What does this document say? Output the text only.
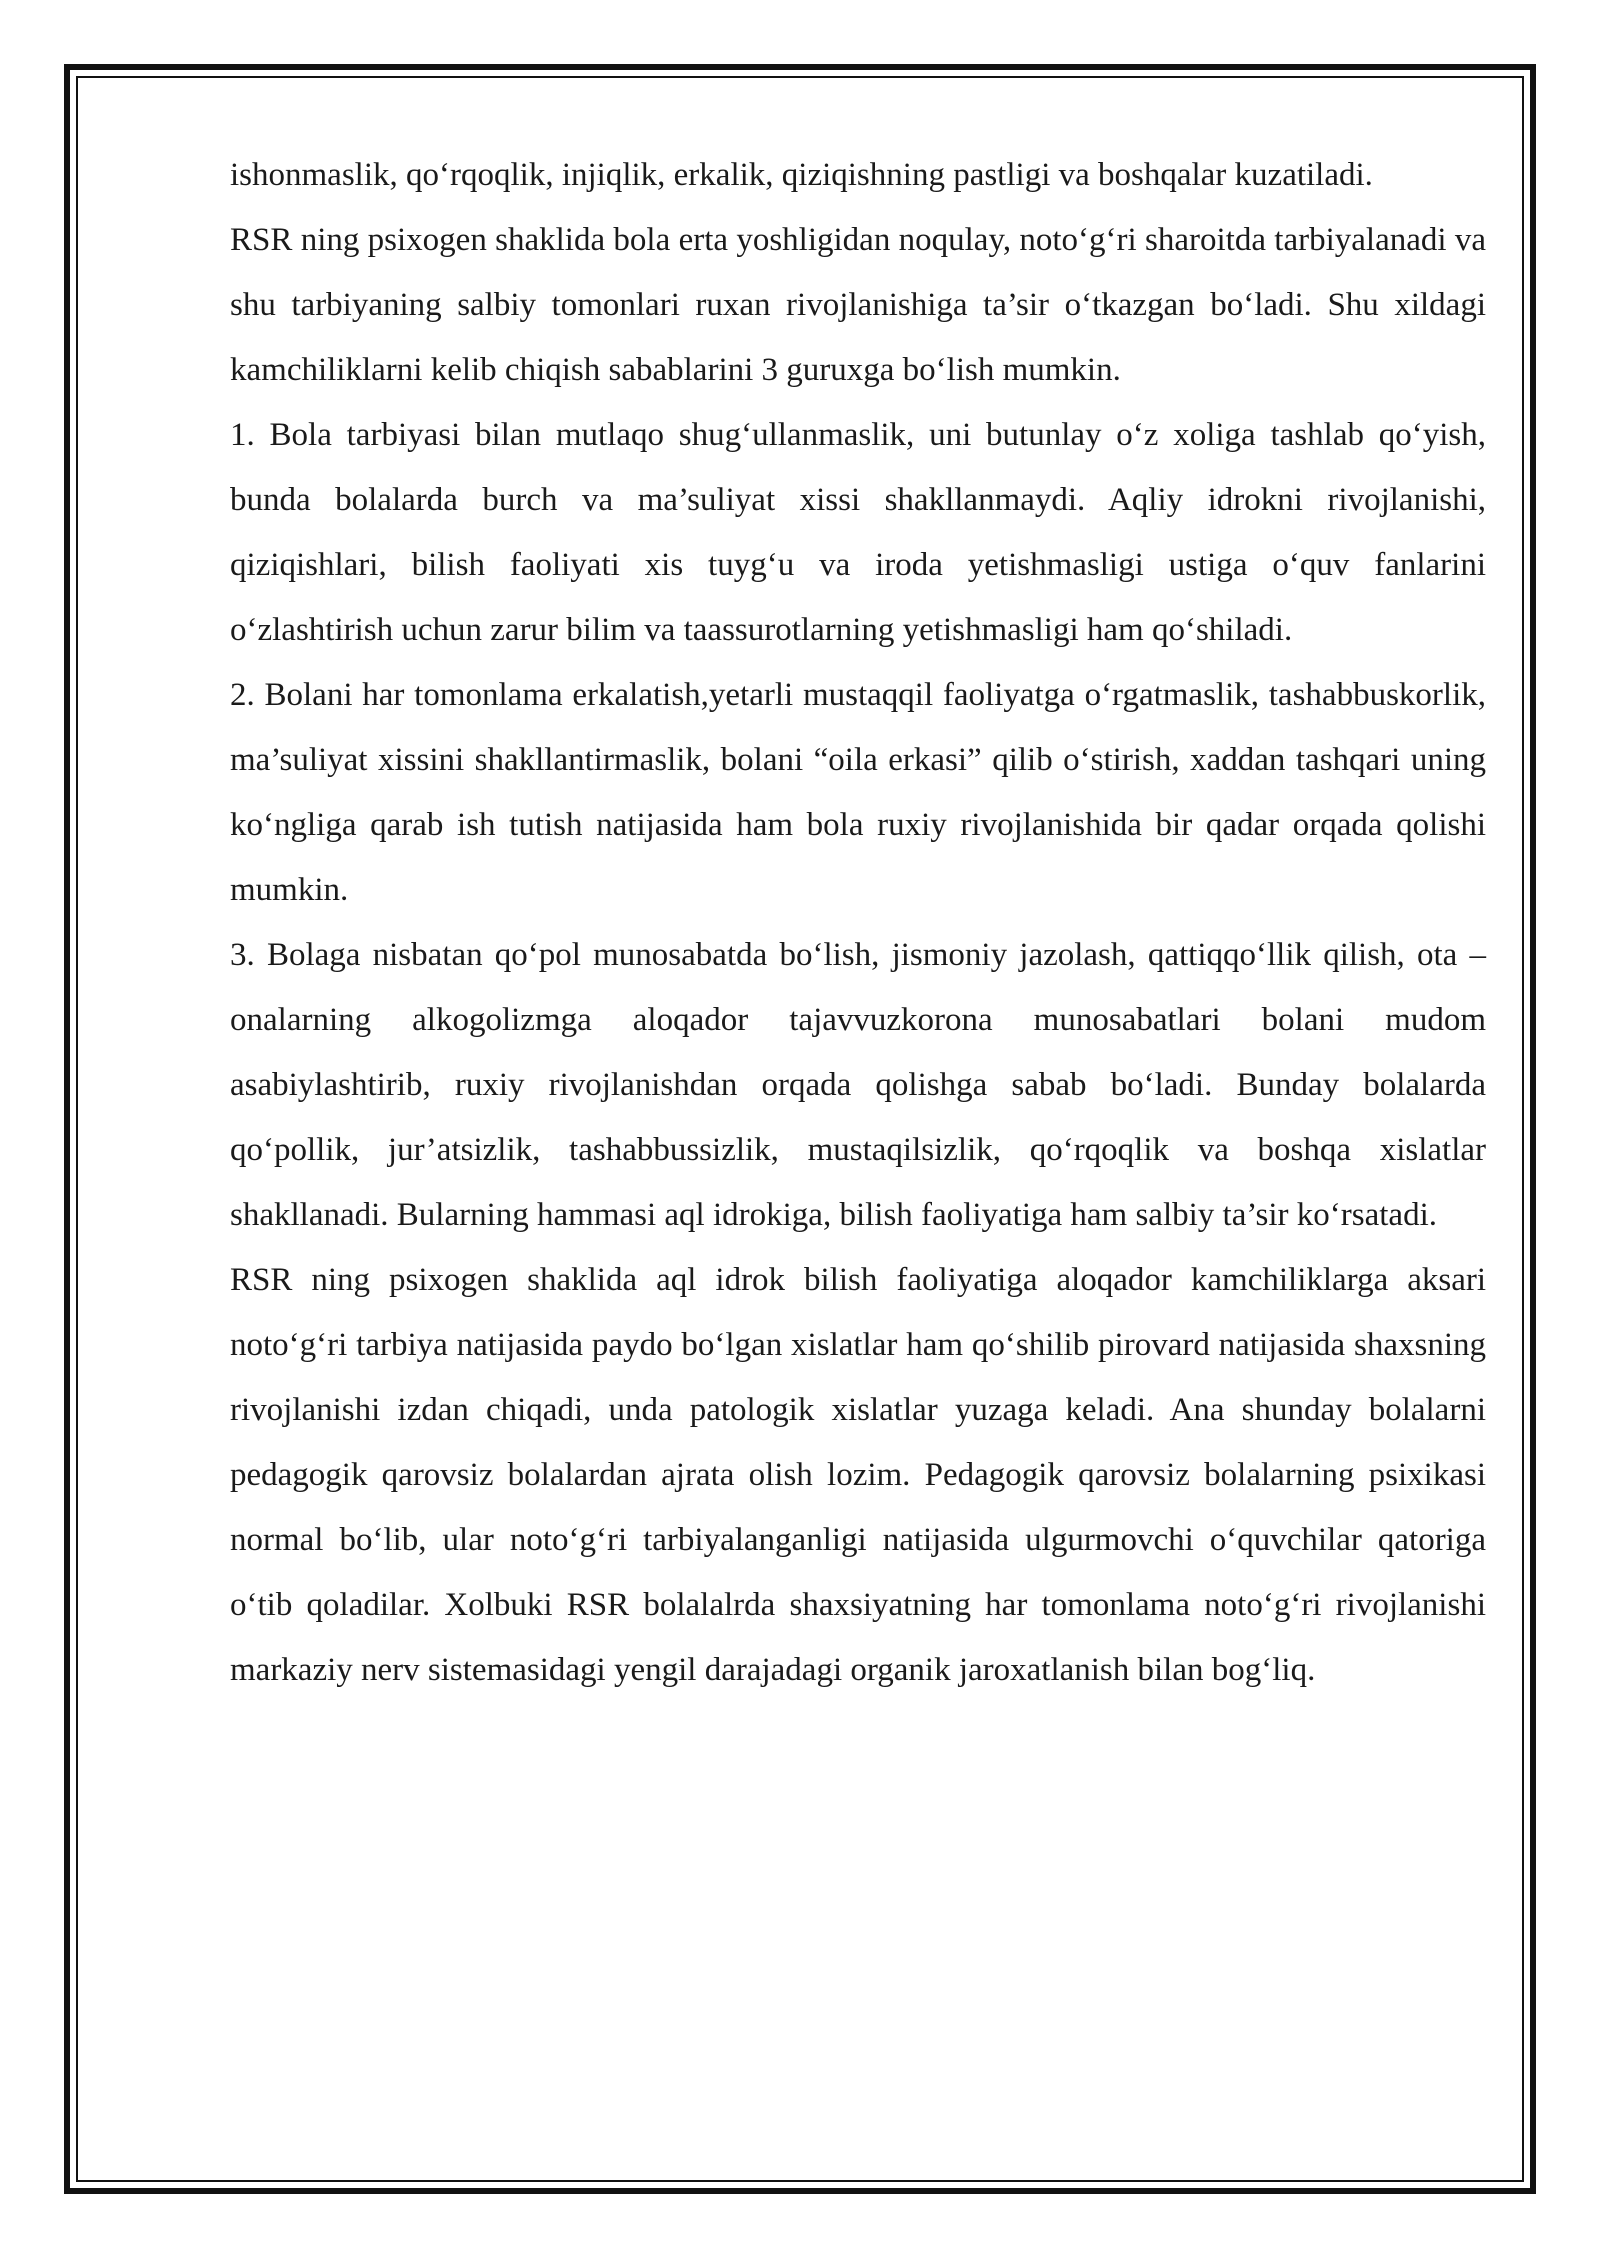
ishonmaslik, qo‘rqoqlik, injiqlik, erkalik, qiziqishning pastligi va boshqalar kuzatiladi.

RSR ning psixogen shaklida bola erta yoshligidan noqulay, noto‘g‘ri sharoitda tarbiyalanadi va shu tarbiyaning salbiy tomonlari ruxan rivojlanishiga ta’sir o‘tkazgan bo‘ladi. Shu xildagi kamchiliklarni kelib chiqish sabablarini 3 guruxga bo‘lish mumkin.

1. Bola tarbiyasi bilan mutlaqo shug‘ullanmaslik, uni butunlay o‘z xoliga tashlab qo‘yish, bunda bolalarda burch va ma’suliyat xissi shakllanmaydi. Aqliy idrokni rivojlanishi, qiziqishlari, bilish faoliyati xis tuyg‘u va iroda yetishmasligi ustiga o‘quv fanlarini o‘zlashtirish uchun zarur bilim va taassurotlarning yetishmasligi ham qo‘shiladi.

2. Bolani har tomonlama erkalatish,yetarli mustaqqil faoliyatga o‘rgatmaslik, tashabbuskorlik, ma’suliyat xissini shakllantirmaslik, bolani “oila erkasi” qilib o‘stirish, xaddan tashqari uning ko‘ngliga qarab ish tutish natijasida ham bola ruxiy rivojlanishida bir qadar orqada qolishi mumkin.

3. Bolaga nisbatan qo‘pol munosabatda bo‘lish, jismoniy jazolash, qattiqqo‘llik qilish, ota – onalarning alkogolizmga aloqador tajavvuzkorona munosabatlari bolani mudom asabiylashtirib, ruxiy rivojlanishdan orqada qolishga sabab bo‘ladi. Bunday bolalarda qo‘pollik, jur’atsizlik, tashabbussizlik, mustaqilsizlik, qo‘rqoqlik va boshqa xislatlar shakllanadi. Bularning hammasi aql idrokiga, bilish faoliyatiga ham salbiy ta’sir ko‘rsatadi.

RSR ning psixogen shaklida aql idrok bilish faoliyatiga aloqador kamchiliklarga aksari noto‘g‘ri tarbiya natijasida paydo bo‘lgan xislatlar ham qo‘shilib pirovard natijasida shaxsning rivojlanishi izdan chiqadi, unda patologik xislatlar yuzaga keladi. Ana shunday bolalarni pedagogik qarovsiz bolalardan ajrata olish lozim. Pedagogik qarovsiz bolalarning psixikasi normal bo‘lib, ular noto‘g‘ri tarbiyalanganligi natijasida ulgurmovchi o‘quvchilar qatoriga o‘tib qoladilar. Xolbuki RSR bolalalrda shaxsiyatning har tomonlama noto‘g‘ri rivojlanishi markaziy nerv sistemasidagi yengil darajadagi organik jaroxatlanish bilan bog‘liq.
